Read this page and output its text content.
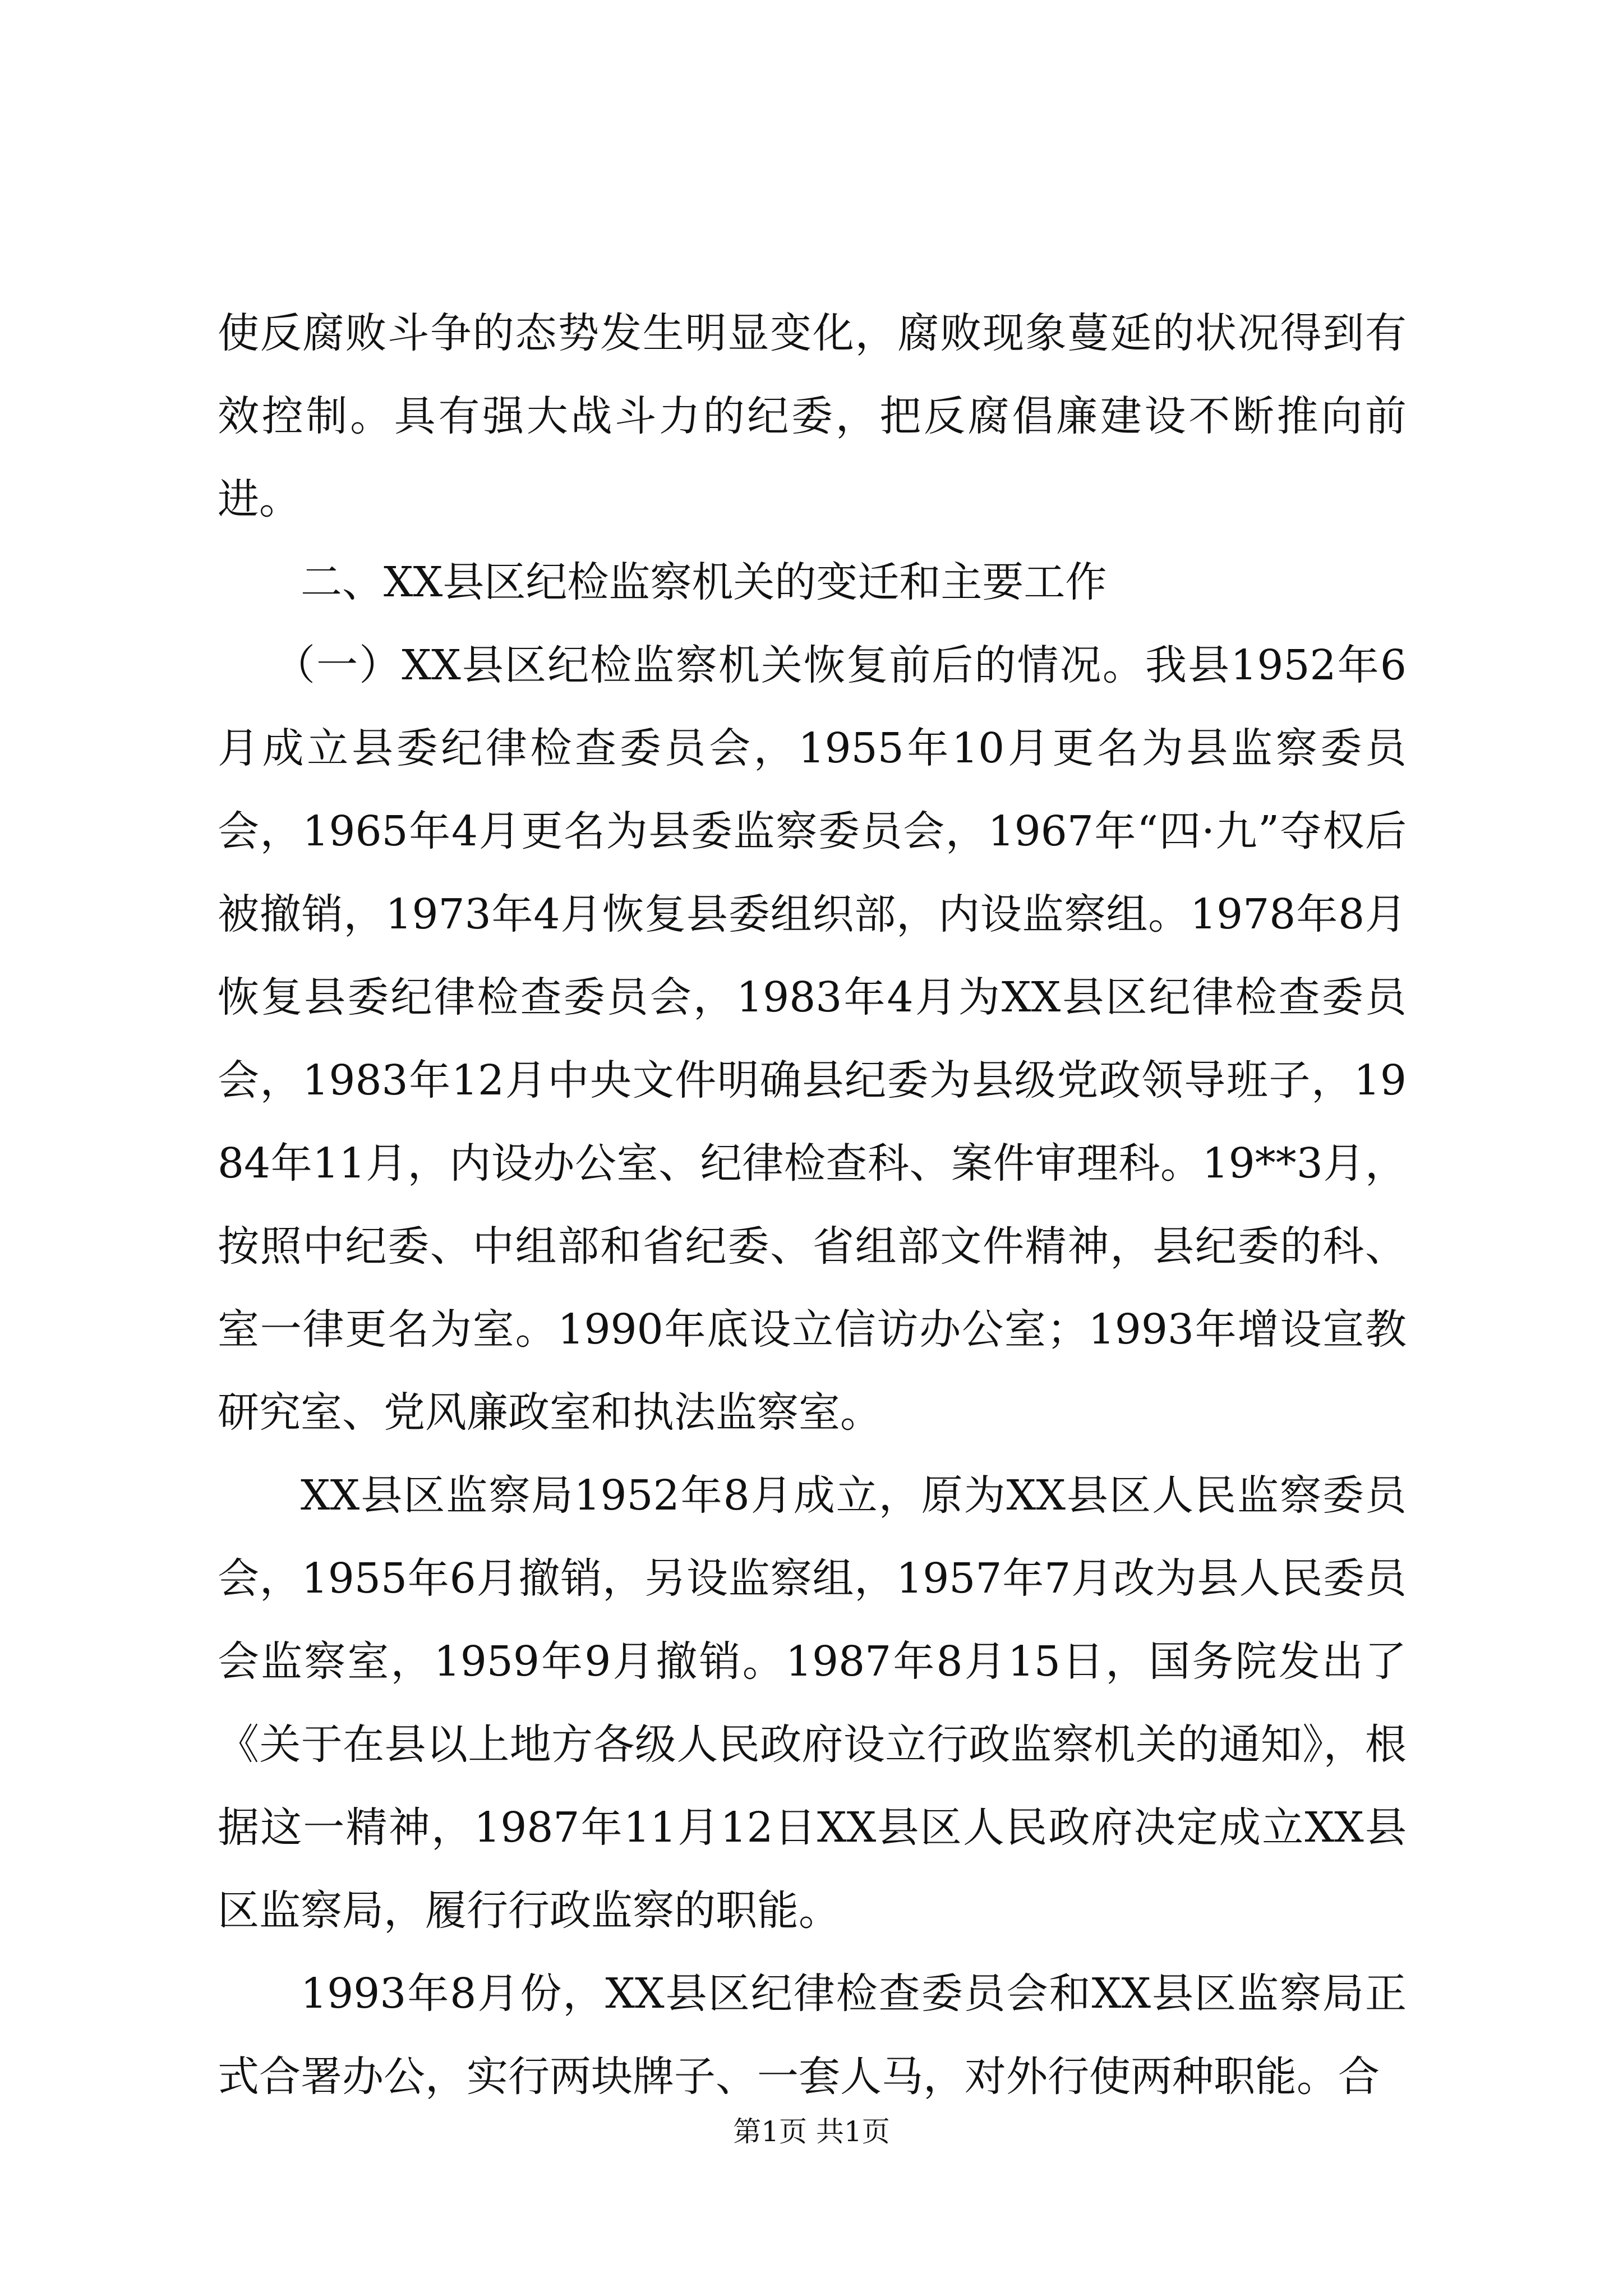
使反腐败斗争的态势发生明显变化，腐败现象蔓延的状况得到有效控制。具有强大战斗力的纪委，把反腐倡廉建设不断推向前进。

二、XX县区纪检监察机关的变迁和主要工作

（一）XX县区纪检监察机关恢复前后的情况。我县1952年6月成立县委纪律检查委员会，1955年10月更名为县监察委员会，1965年4月更名为县委监察委员会，1967年“四·九”夺权后被撤销，1973年4月恢复县委组织部，内设监察组。1978年8月恢复县委纪律检查委员会，1983年4月为XX县区纪律检查委员会，1983年12月中央文件明确县纪委为县级党政领导班子，1984年11月，内设办公室、纪律检查科、案件审理科。19**3月，按照中纪委、中组部和省纪委、省组部文件精神，县纪委的科、室一律更名为室。1990年底设立信访办公室；1993年增设宣教研究室、党风廉政室和执法监察室。

XX县区监察局1952年8月成立，原为XX县区人民监察委员会，1955年6月撤销，另设监察组，1957年7月改为县人民委员会监察室，1959年9月撤销。1987年8月15日，国务院发出了《关于在县以上地方各级人民政府设立行政监察机关的通知》，根据这一精神，1987年11月12日XX县区人民政府决定成立XX县区监察局，履行行政监察的职能。

1993年8月份，XX县区纪律检查委员会和XX县区监察局正式合署办公，实行两块牌子、一套人马，对外行使两种职能。合

第1页 共1页
